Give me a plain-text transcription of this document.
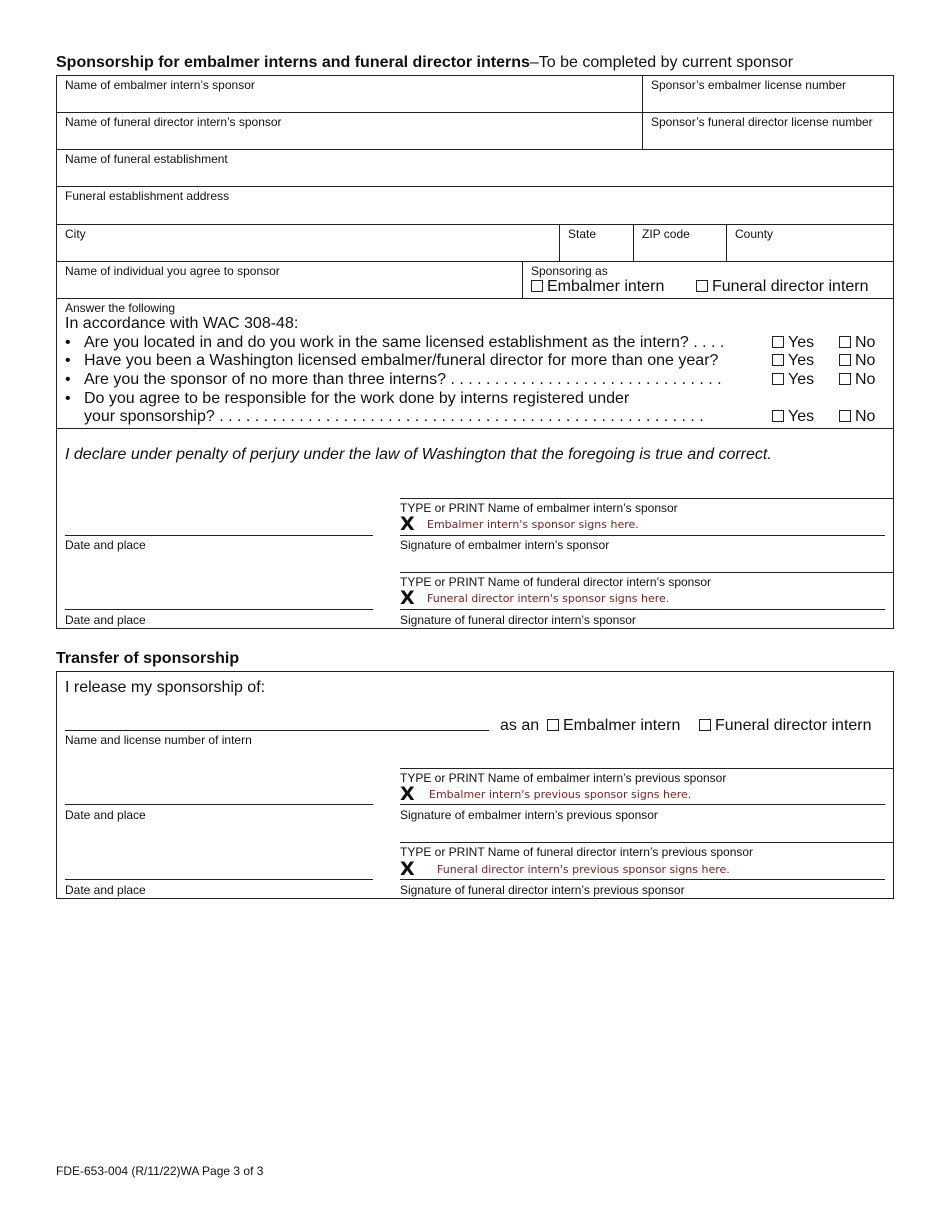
Sponsorship for embalmer interns and funeral director interns–To be completed by current sponsor
Name of embalmer intern’s sponsor	Sponsor’s embalmer license number
Name of funeral director intern’s sponsor	Sponsor’s funeral director license number
Name of funeral establishment
Funeral establishment address
City	State	ZIP code	County
Name of individual you agree to sponsor	Sponsoring as
Embalmer intern	Funeral director intern
Answer the following
In accordance with WAC 308-48:
• Are you located in and do you work in the same licensed establishment as the intern? . . . .	Yes	No
• Have you been a Washington licensed embalmer/funeral director for more than one year?	Yes	No
• Are you the sponsor of no more than three interns? . . . . . . . . . . . . . . . . . . . . . . . . . . . . . . .	Yes	No
• Do you agree to be responsible for the work done by interns registered under
your sponsorship? . . . . . . . . . . . . . . . . . . . . . . . . . . . . . . . . . . . . . . . . . . . . . . . . . . . . . . .	Yes	No
I declare under penalty of perjury under the law of Washington that the foregoing is true and correct.
TYPE or PRINT Name of embalmer intern’s sponsor
X Embalmer intern's sponsor signs here.
Signature of embalmer intern’s sponsor
Date and place
TYPE or PRINT Name of funderal director intern’s sponsor
X Funeral director intern's sponsor signs here.
Signature of funeral director intern’s sponsor
Date and place
Transfer of sponsorship
I release my sponsorship of:
Name and license number of intern
as an	Embalmer intern	Funeral director intern
TYPE or PRINT Name of embalmer intern’s previous sponsor
X Embalmer intern's previous sponsor signs here.
Signature of embalmer intern’s previous sponsor
Date and place
TYPE or PRINT Name of funeral director intern’s previous sponsor
X Funeral director intern's previous sponsor signs here.
Signature of funeral director intern’s previous sponsor
Date and place
FDE-653-004 (R/11/22)WA Page 3 of 3
